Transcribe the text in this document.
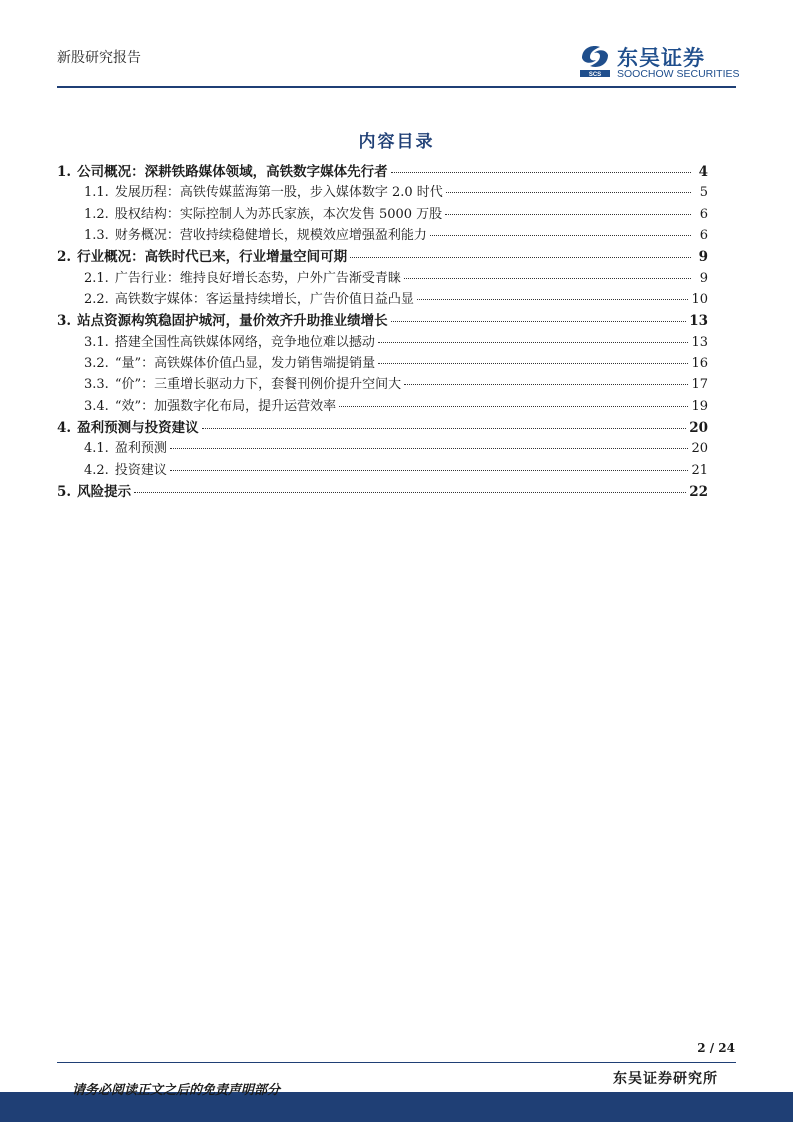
新股研究报告
SCS
东吴证券
SOOCHOW SECURITIES
内容目录
1. 公司概况：深耕铁路媒体领域，高铁数字媒体先行者	4
1.1. 发展历程：高铁传媒蓝海第一股，步入媒体数字 2.0 时代	5
1.2. 股权结构：实际控制人为苏氏家族，本次发售 5000 万股	6
1.3. 财务概况：营收持续稳健增长，规模效应增强盈利能力	6
2. 行业概况：高铁时代已来，行业增量空间可期	9
2.1. 广告行业：维持良好增长态势，户外广告渐受青睐	9
2.2. 高铁数字媒体：客运量持续增长，广告价值日益凸显	10
3. 站点资源构筑稳固护城河，量价效齐升助推业绩增长	13
3.1. 搭建全国性高铁媒体网络，竞争地位难以撼动	13
3.2. “量”：高铁媒体价值凸显，发力销售端提销量	16
3.3. “价”：三重增长驱动力下，套餐刊例价提升空间大	17
3.4. “效”：加强数字化布局，提升运营效率	19
4. 盈利预测与投资建议	20
4.1. 盈利预测	20
4.2. 投资建议	21
5. 风险提示	22
2 / 24
东吴证券研究所
请务必阅读正文之后的免责声明部分
